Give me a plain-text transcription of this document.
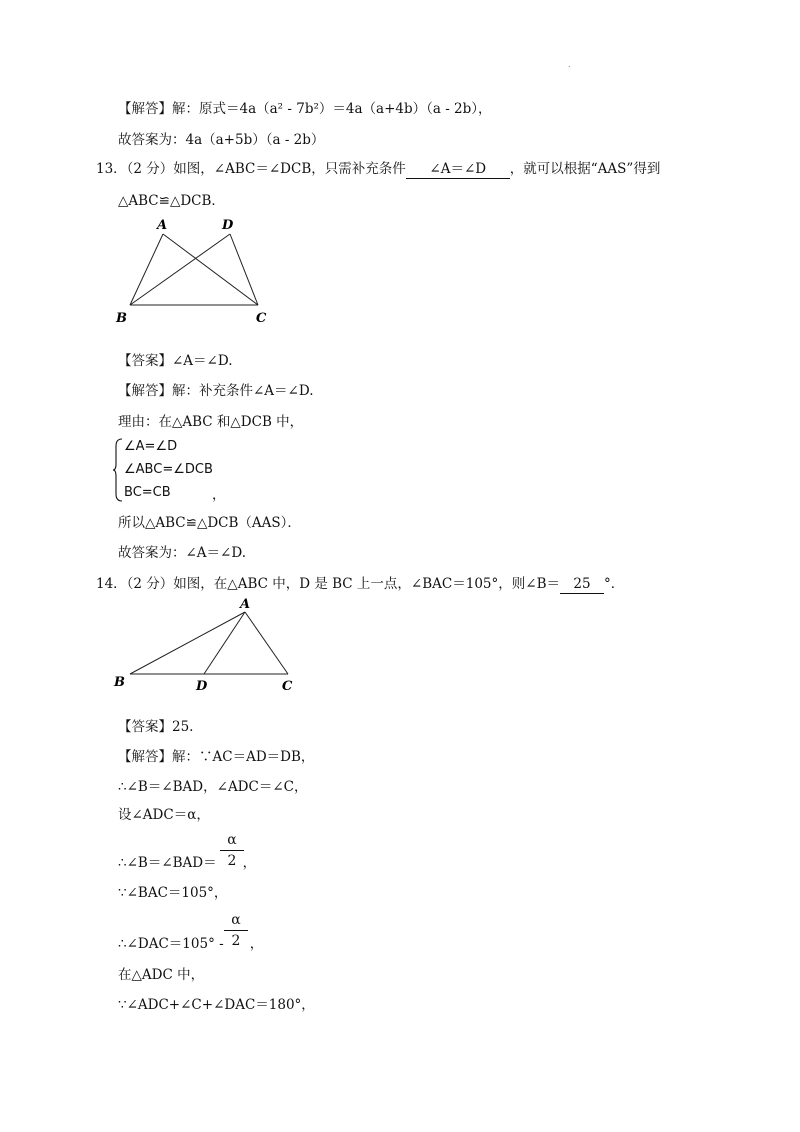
.
【解答】解：原式＝4a（a² - 7b²）＝4a（a+4b）（a - 2b），
故答案为：4a（a+5b）（a - 2b）
13．（2 分）如图，∠ABC＝∠DCB，只需补充条件 ∠A＝∠D ，就可以根据“AAS”得到
△ABC≌△DCB．
A	D
B	C
【答案】∠A＝∠D.
【解答】解：补充条件∠A＝∠D.
理由：在△ABC 和△DCB 中，
∠A=∠D
∠ABC=∠DCB
BC=CB	，
所以△ABC≌△DCB（AAS）．
故答案为：∠A＝∠D.
14．（2 分）如图，在△ABC 中，D 是 BC 上一点，∠BAC＝105°，则∠B＝ 25 °．
A
B	D	C
【答案】25.
【解答】解：∵AC＝AD＝DB，
∴∠B＝∠BAD，∠ADC＝∠C，
设∠ADC＝α，
∴∠B＝∠BAD＝ ，
α
2
∵∠BAC＝105°，
∴∠DAC＝105° - ，
α
2
在△ADC 中，
∵∠ADC+∠C+∠DAC＝180°，
